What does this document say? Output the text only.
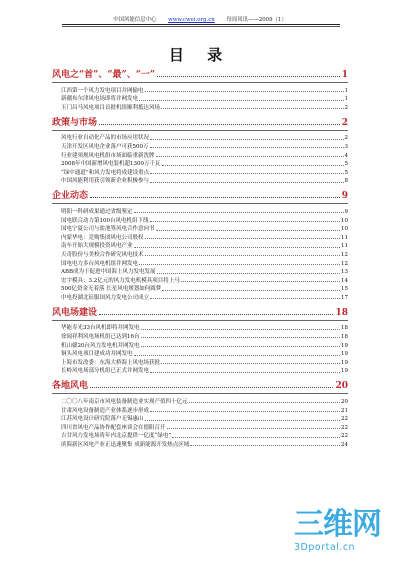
中国风能信息中心 www.cwei.org.cn 每周风讯——2009（1）
目 录
风电之“首”、“最”、“一”	1
江西第一个风力发电项目并网输电	1
新疆布尔津风电场即将并网发电	1
玉门昌马风电项目首批机组顺利抵达风场	2
政策与市场	2
风电行业自动化产品的市场应用状况	2
天津开发区风电企业落户可获500万	3
行业建须规风电机组市场面临重新洗牌	4
2008年中国新增风电装机超1300万千瓦	5
“绿中通道”和风力发电将成建设重点	5
中国风能利用获引领新企业积极参与	8
企业动态	9
明阳一科研成果通过省级鉴定	9
国电联合动力第100台风电机组下线	10
国电宁夏公司与盐池签风电合作意向书	10
内蒙华电：竞购集团风电公司股权	11
南车开始大规模投资风电产业	11
天奇股份与美校合作研究风电技术	12
国电电力多台风电机组并网发电	12
ABB成为于促进中国海上风力发电发展	13
宏宇模具：3.2亿元的风力发电机模具项目将上马	14
500亿资金无着落 长星风电规划如何圆梦	15
中电投湖北征服国风力发电公司成立	17
风电场建设	18
华能寿光33台风机即将并网发电	18
徐闻祥利风电场机组已达到16台	18
机山赣20台风力发电机并网发电	19
铜头风电项目建成功并网发电	19
上海市发改委：东海大桥海上风电场获批	19
长岭风电场部分机组已正式并网发电	19
各地风电	20
二〇〇八年南京市风电装备制造业实现产值四十亿元	20
甘肃风电设备制造产业体系逐步形成	21
江苏风电设计研究院落户无锡惠山	22
四川省风电产品协作配套座谈会在德阳召开	22
吉甘风力发电场将年内北京提供一亿度“绿电”	22
滨海新区风电产业正迅速聚集 成新能源开发热点区域	24
三维网
3Dportal.cn
